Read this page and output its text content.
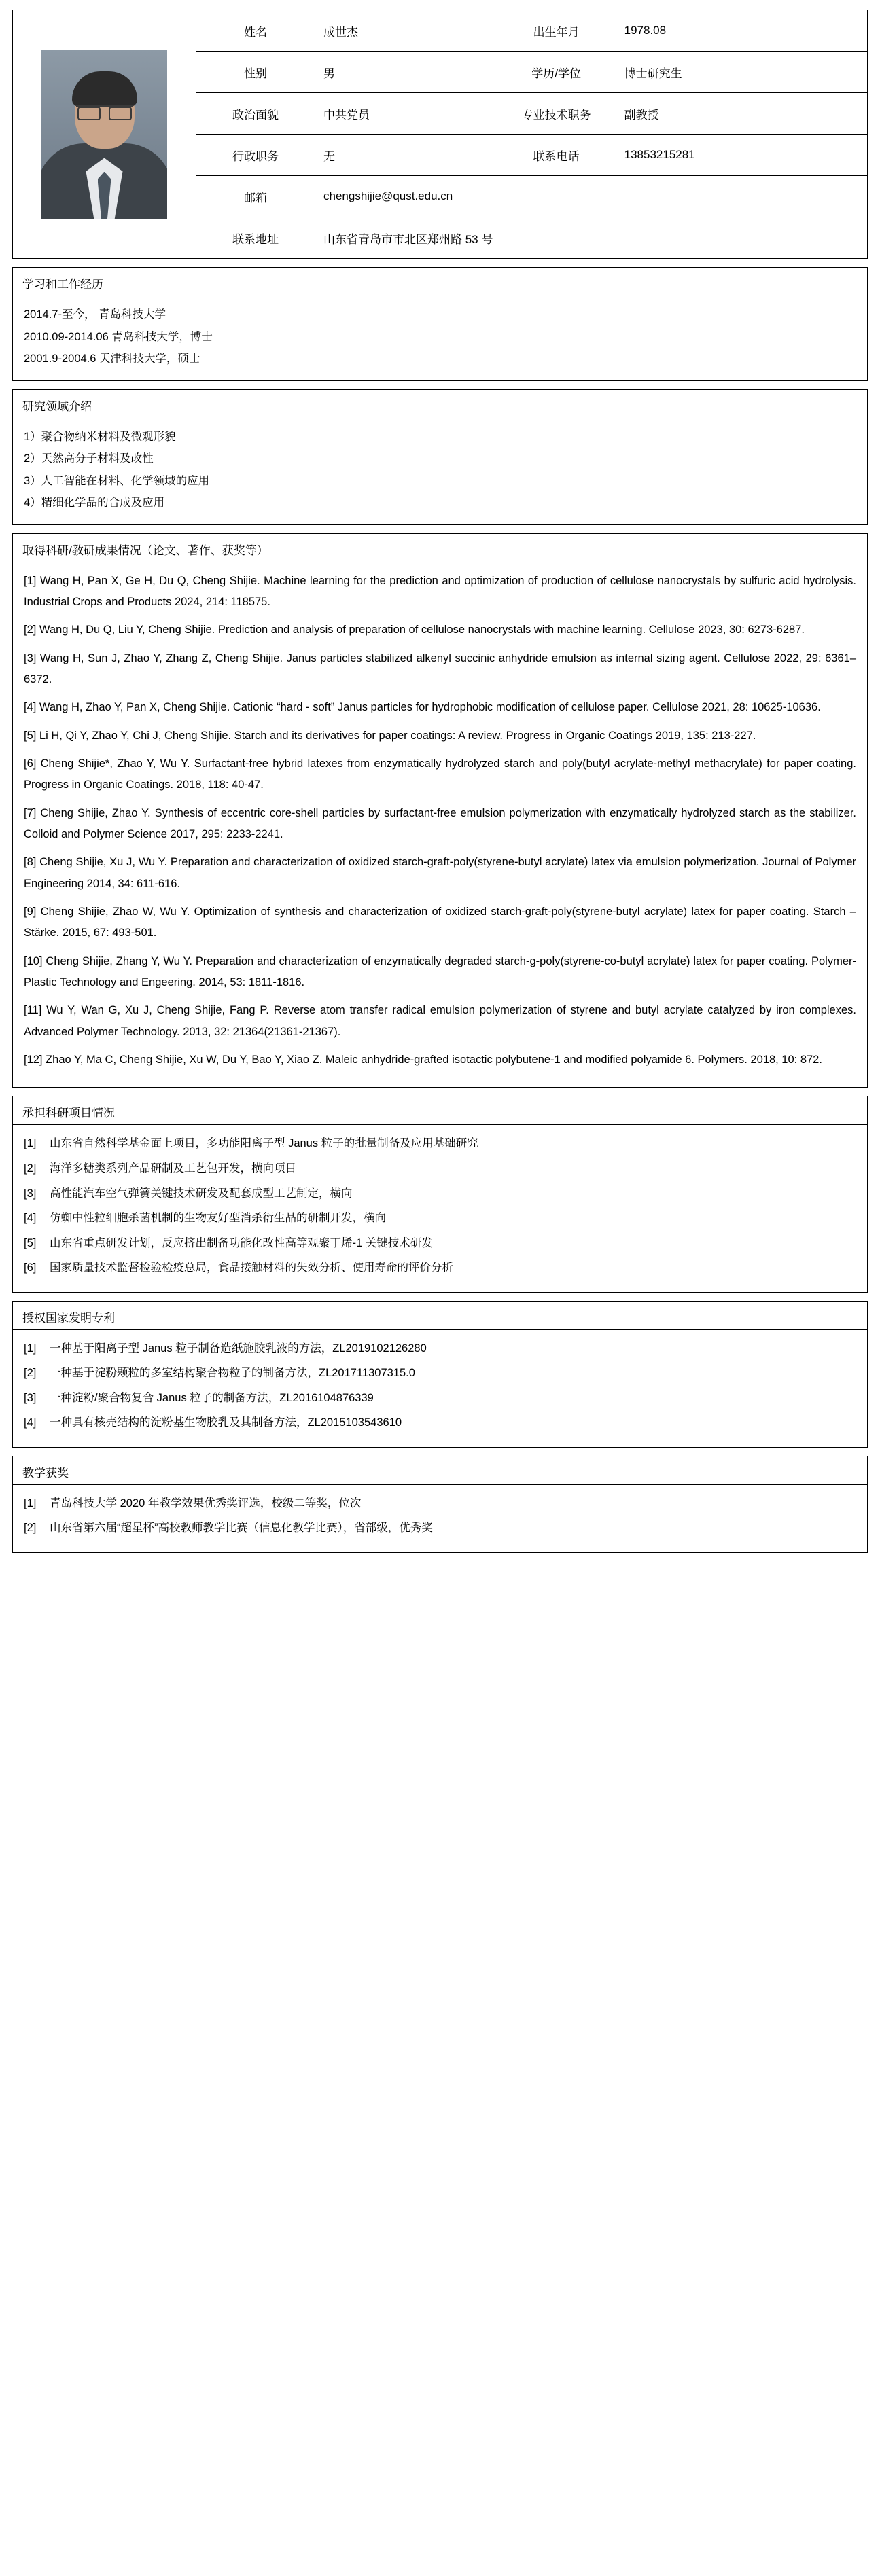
姓名	成世杰	出生年月	1978.08
性别	男	学历/学位	博士研究生
政治面貌	中共党员	专业技术职务	副教授
行政职务	无	联系电话	13853215281
邮箱	chengshijie@qust.edu.cn		
联系地址	山东省青岛市市北区郑州路 53 号		
学习和工作经历

2014.7-至今， 青岛科技大学

2010.09-2014.06 青岛科技大学，博士

2001.9-2004.6 天津科技大学，硕士

研究领域介绍

1）聚合物纳米材料及微观形貌

2）天然高分子材料及改性

3）人工智能在材料、化学领域的应用

4）精细化学品的合成及应用

取得科研/教研成果情况（论文、著作、获奖等）

[1] Wang H, Pan X, Ge H, Du Q, Cheng Shijie. Machine learning for the prediction and optimization of production of cellulose nanocrystals by sulfuric acid hydrolysis. Industrial Crops and Products 2024, 214: 118575.

[2] Wang H, Du Q, Liu Y, Cheng Shijie. Prediction and analysis of preparation of cellulose nanocrystals with machine learning. Cellulose 2023, 30: 6273-6287.

[3] Wang H, Sun J, Zhao Y, Zhang Z, Cheng Shijie. Janus particles stabilized alkenyl succinic anhydride emulsion as internal sizing agent. Cellulose 2022, 29: 6361–6372.

[4] Wang H, Zhao Y, Pan X, Cheng Shijie. Cationic “hard - soft” Janus particles for hydrophobic modification of cellulose paper. Cellulose 2021, 28: 10625-10636.

[5] Li H, Qi Y, Zhao Y, Chi J, Cheng Shijie. Starch and its derivatives for paper coatings: A review. Progress in Organic Coatings 2019, 135: 213-227.

[6] Cheng Shijie*, Zhao Y, Wu Y. Surfactant-free hybrid latexes from enzymatically hydrolyzed starch and poly(butyl acrylate-methyl methacrylate) for paper coating. Progress in Organic Coatings. 2018, 118: 40-47.

[7] Cheng Shijie, Zhao Y. Synthesis of eccentric core-shell particles by surfactant-free emulsion polymerization with enzymatically hydrolyzed starch as the stabilizer. Colloid and Polymer Science 2017, 295: 2233-2241.

[8] Cheng Shijie, Xu J, Wu Y. Preparation and characterization of oxidized starch-graft-poly(styrene-butyl acrylate) latex via emulsion polymerization. Journal of Polymer Engineering 2014, 34: 611-616.

[9] Cheng Shijie, Zhao W, Wu Y. Optimization of synthesis and characterization of oxidized starch-graft-poly(styrene-butyl acrylate) latex for paper coating. Starch – Stärke. 2015, 67: 493-501.

[10] Cheng Shijie, Zhang Y, Wu Y. Preparation and characterization of enzymatically degraded starch-g-poly(styrene-co-butyl acrylate) latex for paper coating. Polymer-Plastic Technology and Engeering. 2014, 53: 1811-1816.

[11] Wu Y, Wan G, Xu J, Cheng Shijie, Fang P. Reverse atom transfer radical emulsion polymerization of styrene and butyl acrylate catalyzed by iron complexes. Advanced Polymer Technology. 2013, 32: 21364(21361-21367).

[12] Zhao Y, Ma C, Cheng Shijie, Xu W, Du Y, Bao Y, Xiao Z. Maleic anhydride-grafted isotactic polybutene-1 and modified polyamide 6. Polymers. 2018, 10: 872.

承担科研项目情况
[1]	山东省自然科学基金面上项目，多功能阳离子型 Janus 粒子的批量制备及应用基础研究
[2]	海洋多糖类系列产品研制及工艺包开发，横向项目
[3]	高性能汽车空气弹簧关键技术研发及配套成型工艺制定，横向
[4]	仿蜘中性粒细胞杀菌机制的生物友好型消杀衍生品的研制开发，横向
[5]	山东省重点研发计划，反应挤出制备功能化改性高等观聚丁烯-1 关键技术研发
[6]	国家质量技术监督检验检疫总局，食品接触材料的失效分析、使用寿命的评价分析
授权国家发明专利
[1]	一种基于阳离子型 Janus 粒子制备造纸施胶乳液的方法，ZL2019102126280
[2]	一种基于淀粉颗粒的多室结构聚合物粒子的制备方法，ZL201711307315.0
[3]	一种淀粉/聚合物复合 Janus 粒子的制备方法，ZL2016104876339
[4]	一种具有核壳结构的淀粉基生物胶乳及其制备方法，ZL2015103543610
教学获奖
[1]	青岛科技大学 2020 年教学效果优秀奖评选，校级二等奖，位次
[2]	山东省第六届“超星杯”高校教师教学比赛（信息化教学比赛），省部级，优秀奖
